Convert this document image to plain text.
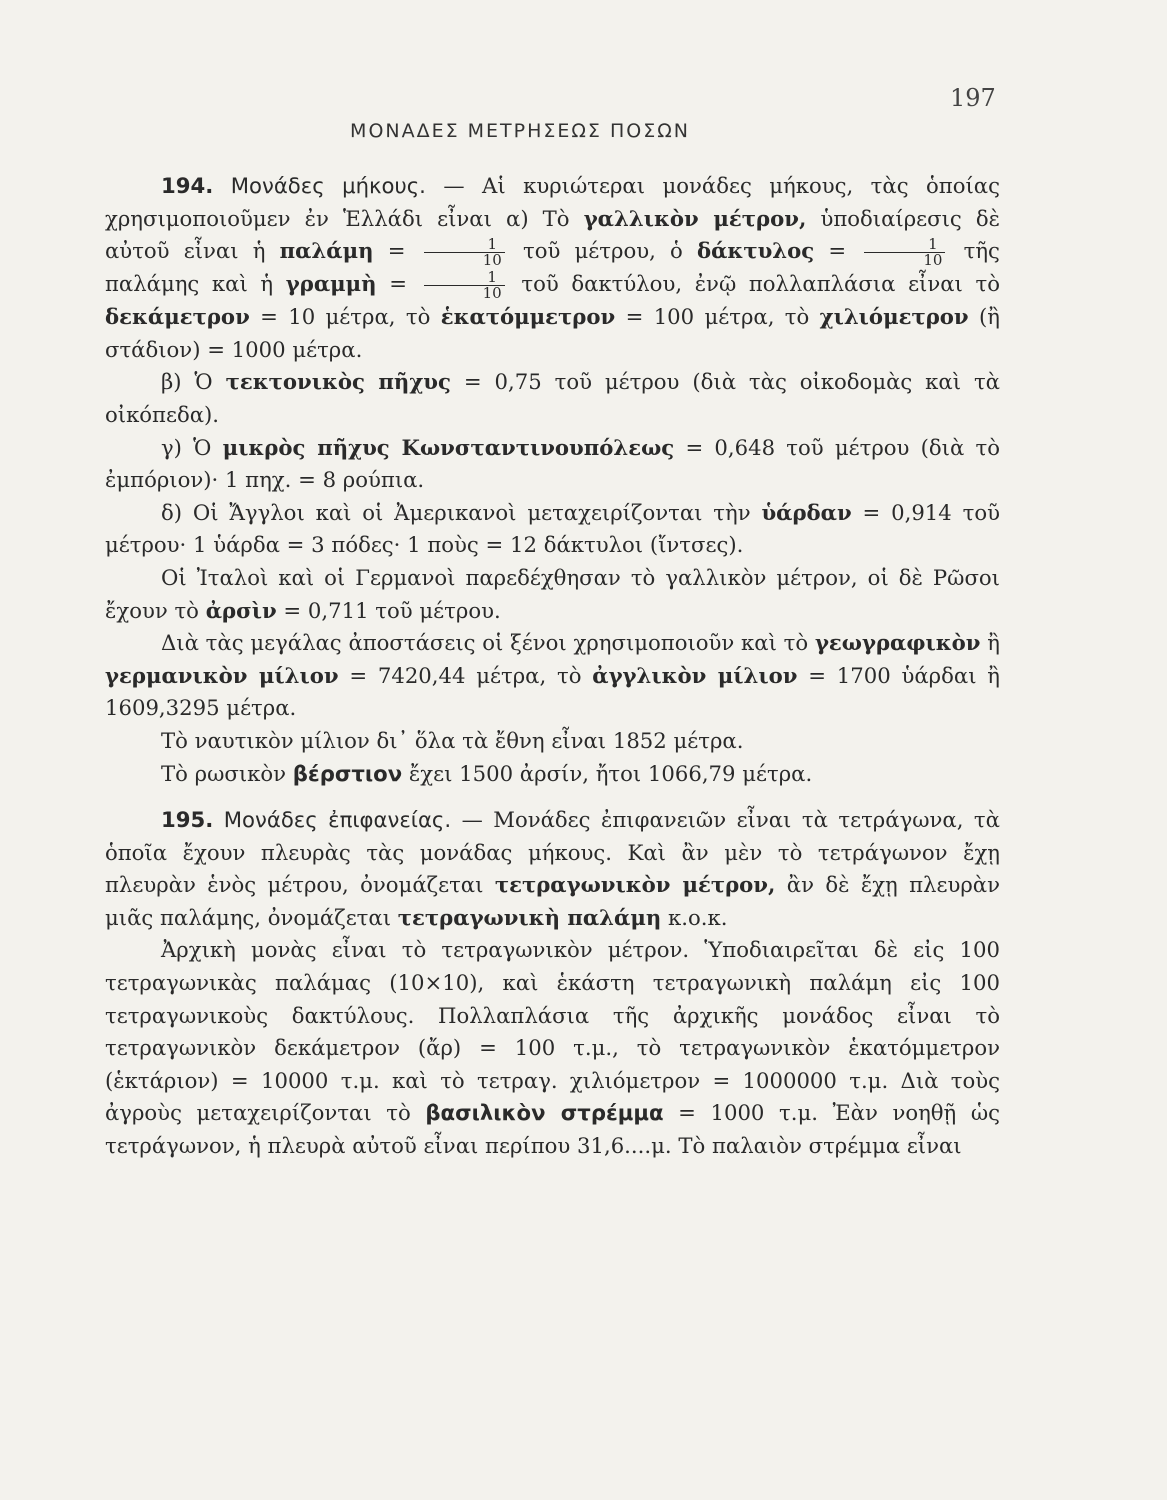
197
ΜΟΝΑΔΕΣ ΜΕΤΡΗΣΕΩΣ ΠΟΣΩΝ

194. Μονάδες μήκους. — Αἱ κυριώτεραι μονάδες μήκους, τὰς ὁποίας χρησιμοποιοῦμεν ἐν Ἑλλάδι εἶναι α) Τὸ γαλλικὸν μέτρον, ὑποδιαίρεσις δὲ αὐτοῦ εἶναι ἡ $\pi\alpha\lambda ά\mu\eta = \frac{1}{10}$ τοῦ μέτρου, ὁ $\delta ά\kappa\tau\upsilon\lambda o\varsigma = \frac{1}{10}$ τῆς παλάμης καὶ ἡ γραμμὴ = $\frac{1}{10}$ τοῦ δακτύλου, ἐνῷ πολλαπλάσια εἶναι τὸ δεκάμετρον = 10 μέτρα, τὸ ἑκατόμμετρον = 100 μέτρα, τὸ χιλιόμετρον (ἢ στάδιον) = 1000 μέτρα.

β) Ὁ τεκτονικὸς πῆχυς = 0,75 τοῦ μέτρου (διὰ τὰς οἰκοδομὰς καὶ τὰ οἰκόπεδα).

γ) Ὁ μικρὸς πῆχυς Κωνσταντινουπόλεως = 0,648 τοῦ μέτρου (διὰ τὸ ἐμπόριον)· 1 πηχ. = 8 ρούπια.

δ) Οἱ Ἄγγλοι καὶ οἱ Ἀμερικανοὶ μεταχειρίζονται τὴν ὑάρδαν = 0,914 τοῦ μέτρου· 1 ὑάρδα = 3 πόδες· 1 ποὺς = 12 δάκτυλοι (ἴντσες).

Οἱ Ἰταλοὶ καὶ οἱ Γερμανοὶ παρεδέχθησαν τὸ γαλλικὸν μέτρον, οἱ δὲ Ρῶσοι ἔχουν τὸ ἀρσὶν = 0,711 τοῦ μέτρου.

Διὰ τὰς μεγάλας ἀποστάσεις οἱ ξένοι χρησιμοποιοῦν καὶ τὸ γεωγραφικὸν ἢ γερμανικὸν μίλιον = 7420,44 μέτρα, τὸ ἀγγλικὸν μίλιον = 1700 ὑάρδαι ἢ 1609,3295 μέτρα.

Τὸ ναυτικὸν μίλιον δι᾿ ὅλα τὰ ἔθνη εἶναι 1852 μέτρα.

Τὸ ρωσικὸν βέρστιον ἔχει 1500 ἀρσίν, ἤτοι 1066,79 μέτρα.

195. Μονάδες ἐπιφανείας. — Μονάδες ἐπιφανειῶν εἶναι τὰ τετράγωνα, τὰ ὁποῖα ἔχουν πλευρὰς τὰς μονάδας μήκους. Καὶ ἂν μὲν τὸ τετράγωνον ἔχῃ πλευρὰν ἑνὸς μέτρου, ὀνομάζεται τετραγωνικὸν μέτρον, ἂν δὲ ἔχῃ πλευρὰν μιᾶς παλάμης, ὀνομάζεται τετραγωνικὴ παλάμη κ.ο.κ.

Ἀρχικὴ μονὰς εἶναι τὸ τετραγωνικὸν μέτρον. Ὑποδιαιρεῖται δὲ εἰς 100 τετραγωνικὰς παλάμας (10×10), καὶ ἑκάστη τετραγωνικὴ παλάμη εἰς 100 τετραγωνικοὺς δακτύλους. Πολλαπλάσια τῆς ἀρχικῆς μονάδος εἶναι τὸ τετραγωνικὸν δεκάμετρον (ἄρ) = 100 τ.μ., τὸ τετραγωνικὸν ἑκατόμμετρον (ἑκτάριον) = 10000 τ.μ. καὶ τὸ τετραγ. χιλιόμετρον = 1000000 τ.μ. Διὰ τοὺς ἀγροὺς μεταχειρίζονται τὸ βασιλικὸν στρέμμα = 1000 τ.μ. Ἐὰν νοηθῇ ὡς τετράγωνον, ἡ πλευρὰ αὐτοῦ εἶναι περίπου 31,6....μ. Τὸ παλαιὸν στρέμμα εἶναι
